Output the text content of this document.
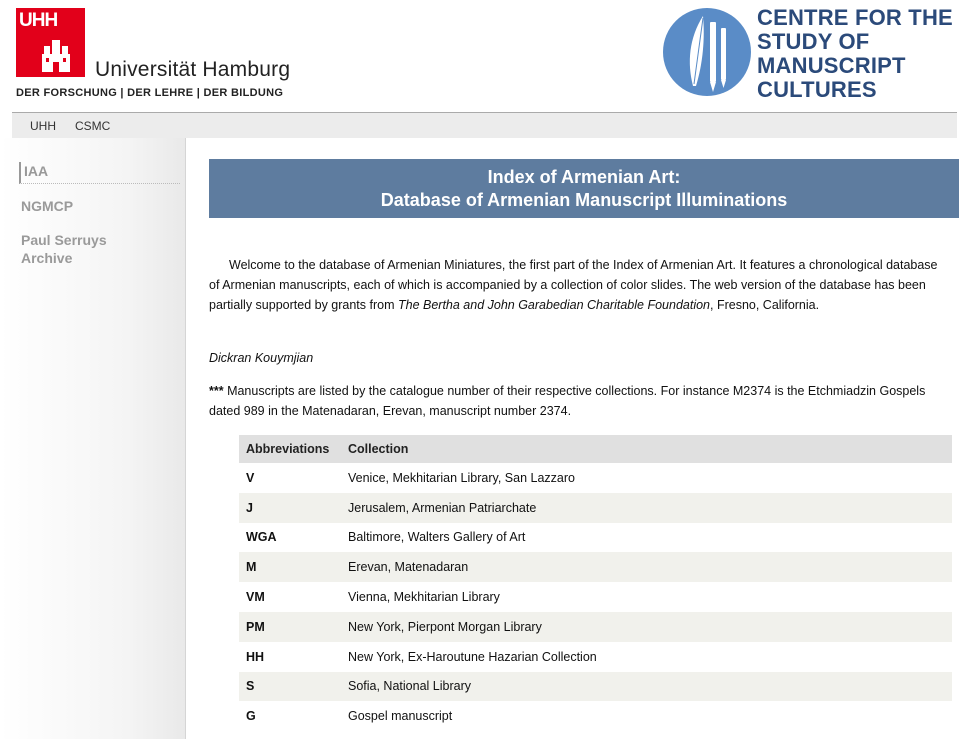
UHH
Universität Hamburg
DER FORSCHUNG | DER LEHRE | DER BILDUNG
CENTRE FOR THE
STUDY OF
MANUSCRIPT
CULTURES
UHH CSMC
IAA
NGMCP
Paul Serruys Archive
Index of Armenian Art:
Database of Armenian Manuscript Illuminations
Welcome to the database of Armenian Miniatures, the first part of the Index of Armenian Art. It features a chronological database of Armenian manuscripts, each of which is accompanied by a collection of color slides. The web version of the database has been partially supported by grants from The Bertha and John Garabedian Charitable Foundation, Fresno, California.
Dickran Kouymjian
*** Manuscripts are listed by the catalogue number of their respective collections. For instance M2374 is the Etchmiadzin Gospels dated 989 in the Matenadaran, Erevan, manuscript number 2374.
Abbreviations	Collection
V	Venice, Mekhitarian Library, San Lazzaro
J	Jerusalem, Armenian Patriarchate
WGA	Baltimore, Walters Gallery of Art
M	Erevan, Matenadaran
VM	Vienna, Mekhitarian Library
PM	New York, Pierpont Morgan Library
HH	New York, Ex-Haroutune Hazarian Collection
S	Sofia, National Library
G	Gospel manuscript
